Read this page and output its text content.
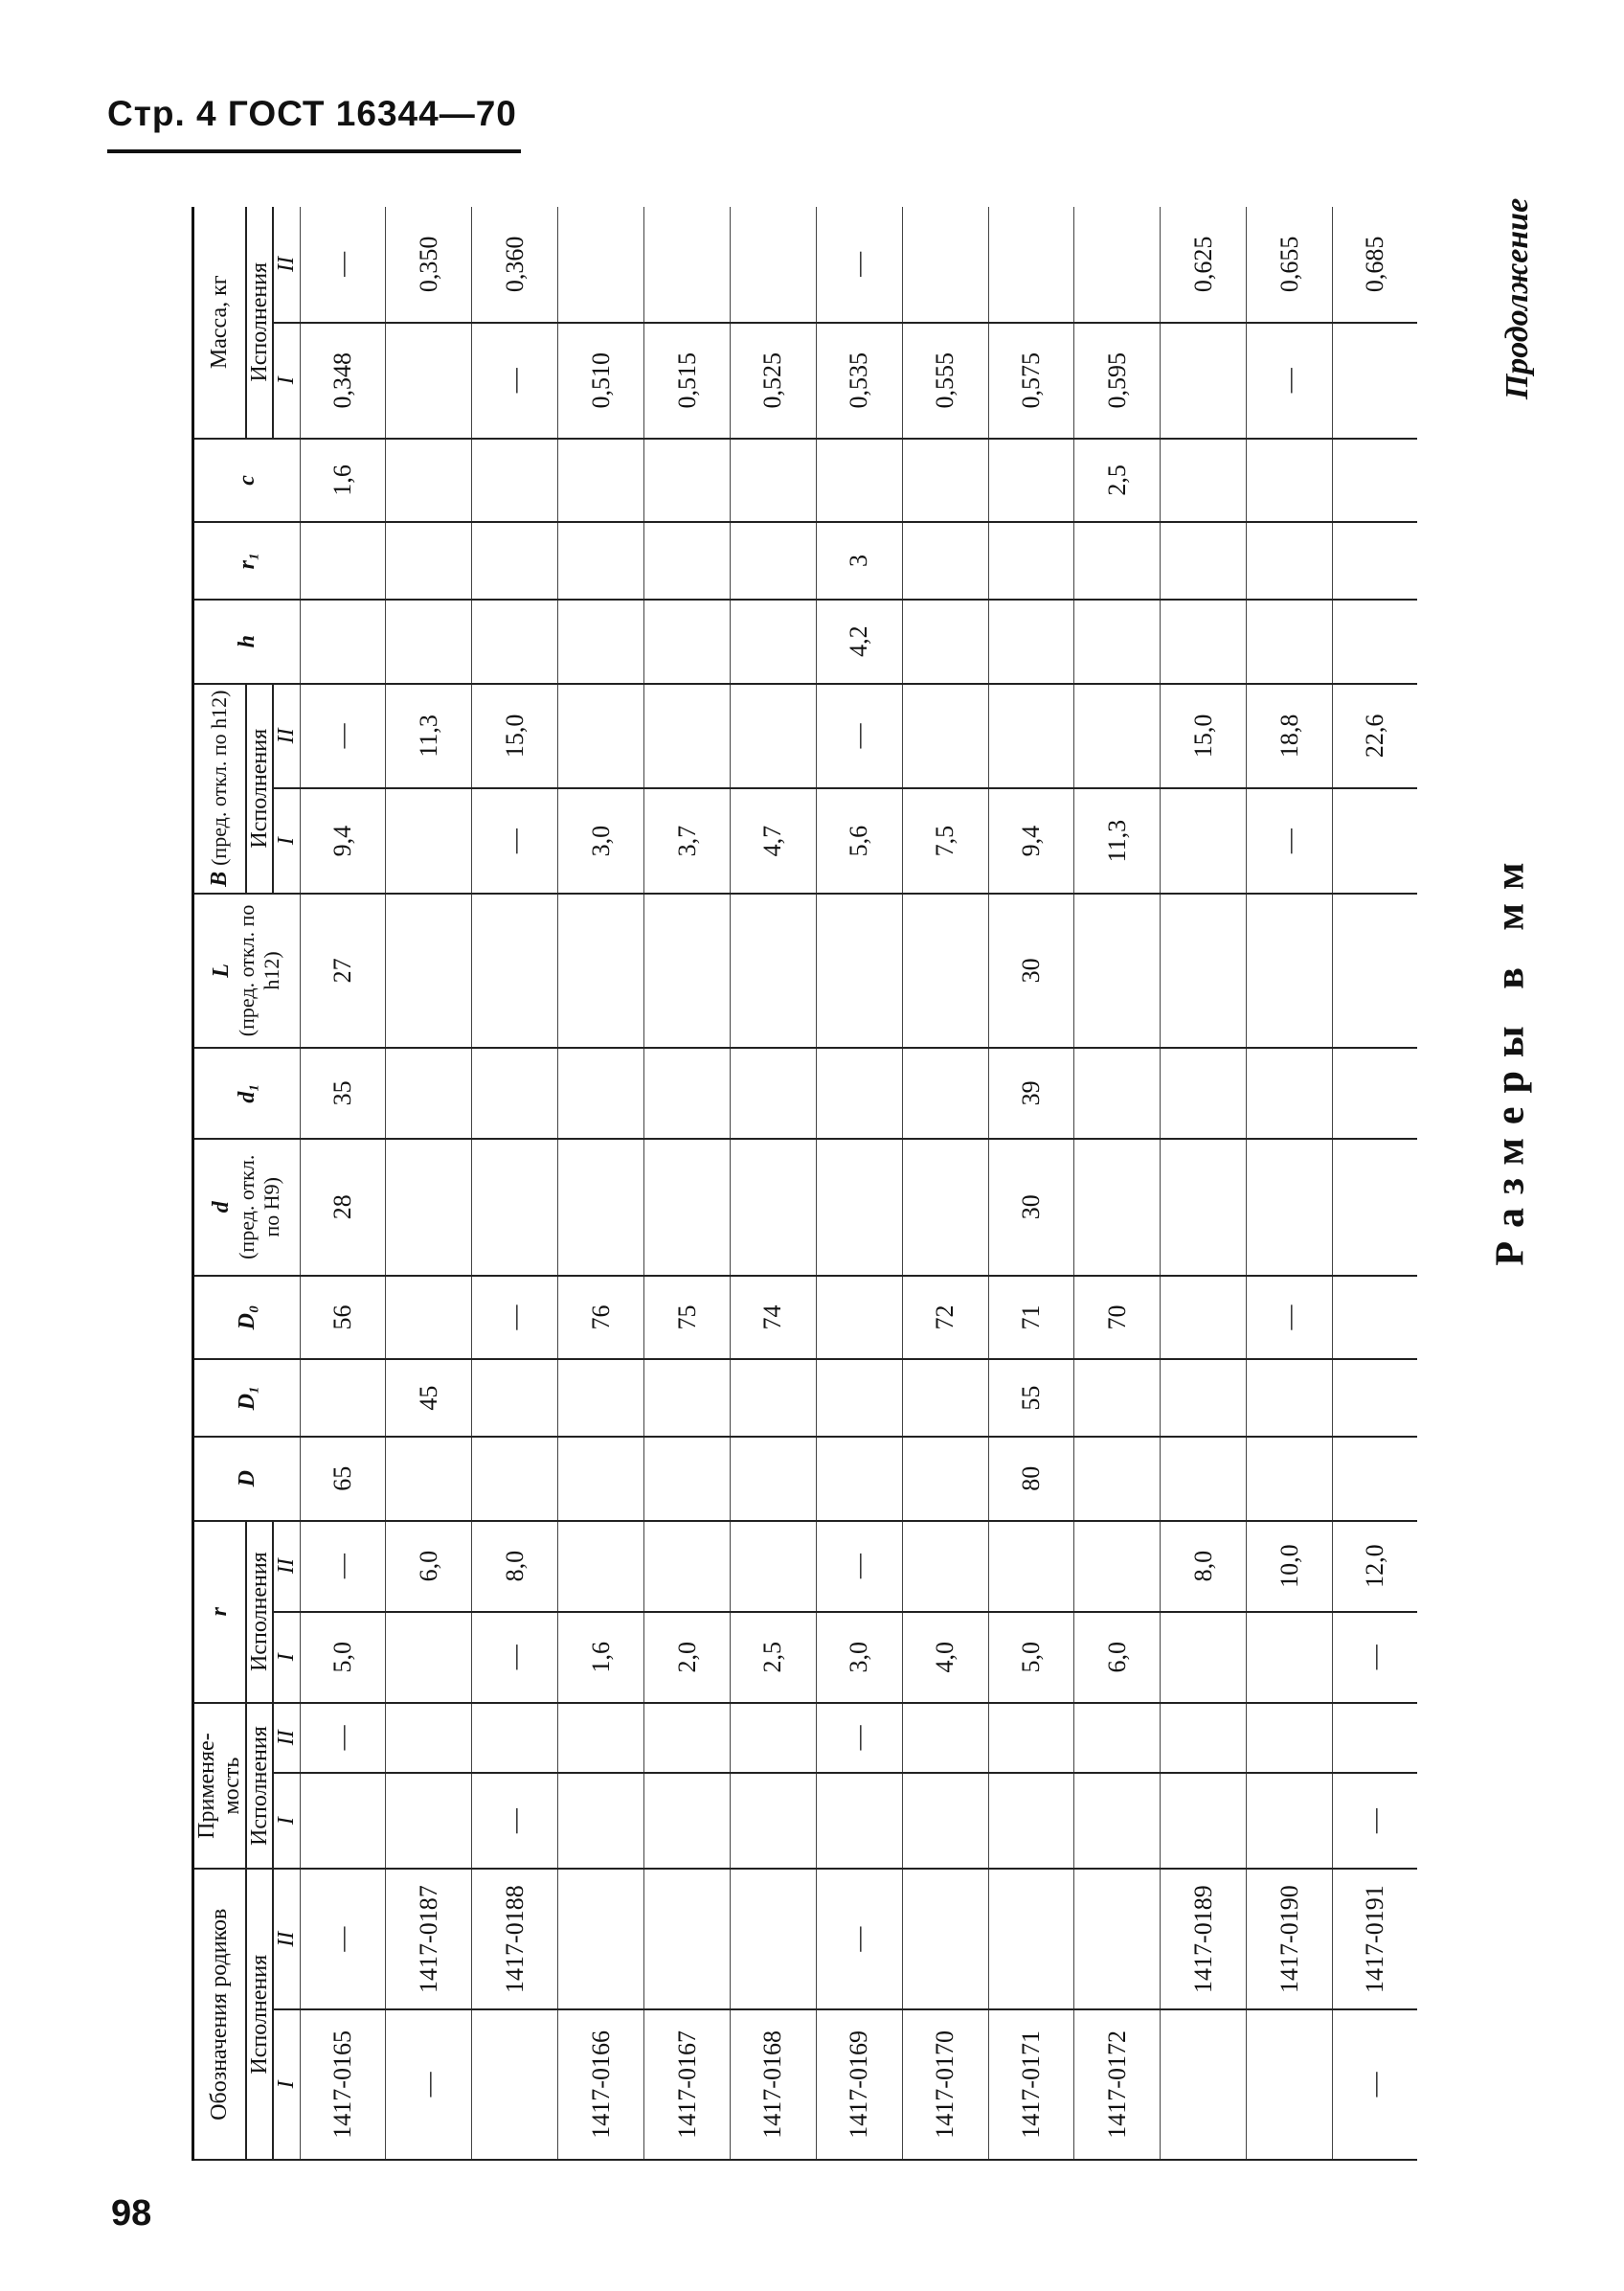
Стр. 4 ГОСТ 16344—70
98
Продолжение
Обозначения родиков		Применяе-мость		r		D	D₁	D₀	d
(пред. откл. по H9)	d₁	L
(пред. откл. по h12)	B (пред. откл. по h12)		h	r₁	c	Масса, кг	
Исполнения		Исполнения		Исполнения								Исполнения					Исполнения	
I	II	I	II	I	II							I	II				I	II
1417-0165	—		—	5,0	—	65		56	28	35	27	9,4	—			1,6	0,348	—
—	1417-0187				6,0		45						11,3					0,350
	1417-0188	—		—	8,0			—				—	15,0				—	0,360
1417-0166				1,6				76				3,0					0,510	
1417-0167				2,0				75				3,7					0,515	
1417-0168				2,5				74				4,7					0,525	
1417-0169	—		—	3,0	—							5,6	—	4,2	3		0,535	—
1417-0170				4,0				72				7,5					0,555	
1417-0171				5,0		80	55	71	30	39	30	9,4					0,575	
1417-0172				6,0				70				11,3				2,5	0,595	
	1417-0189				8,0								15,0					0,625
	1417-0190				10,0			—				—	18,8				—	0,655
—	1417-0191	—		—	12,0								22,6					0,685
Размеры в мм
